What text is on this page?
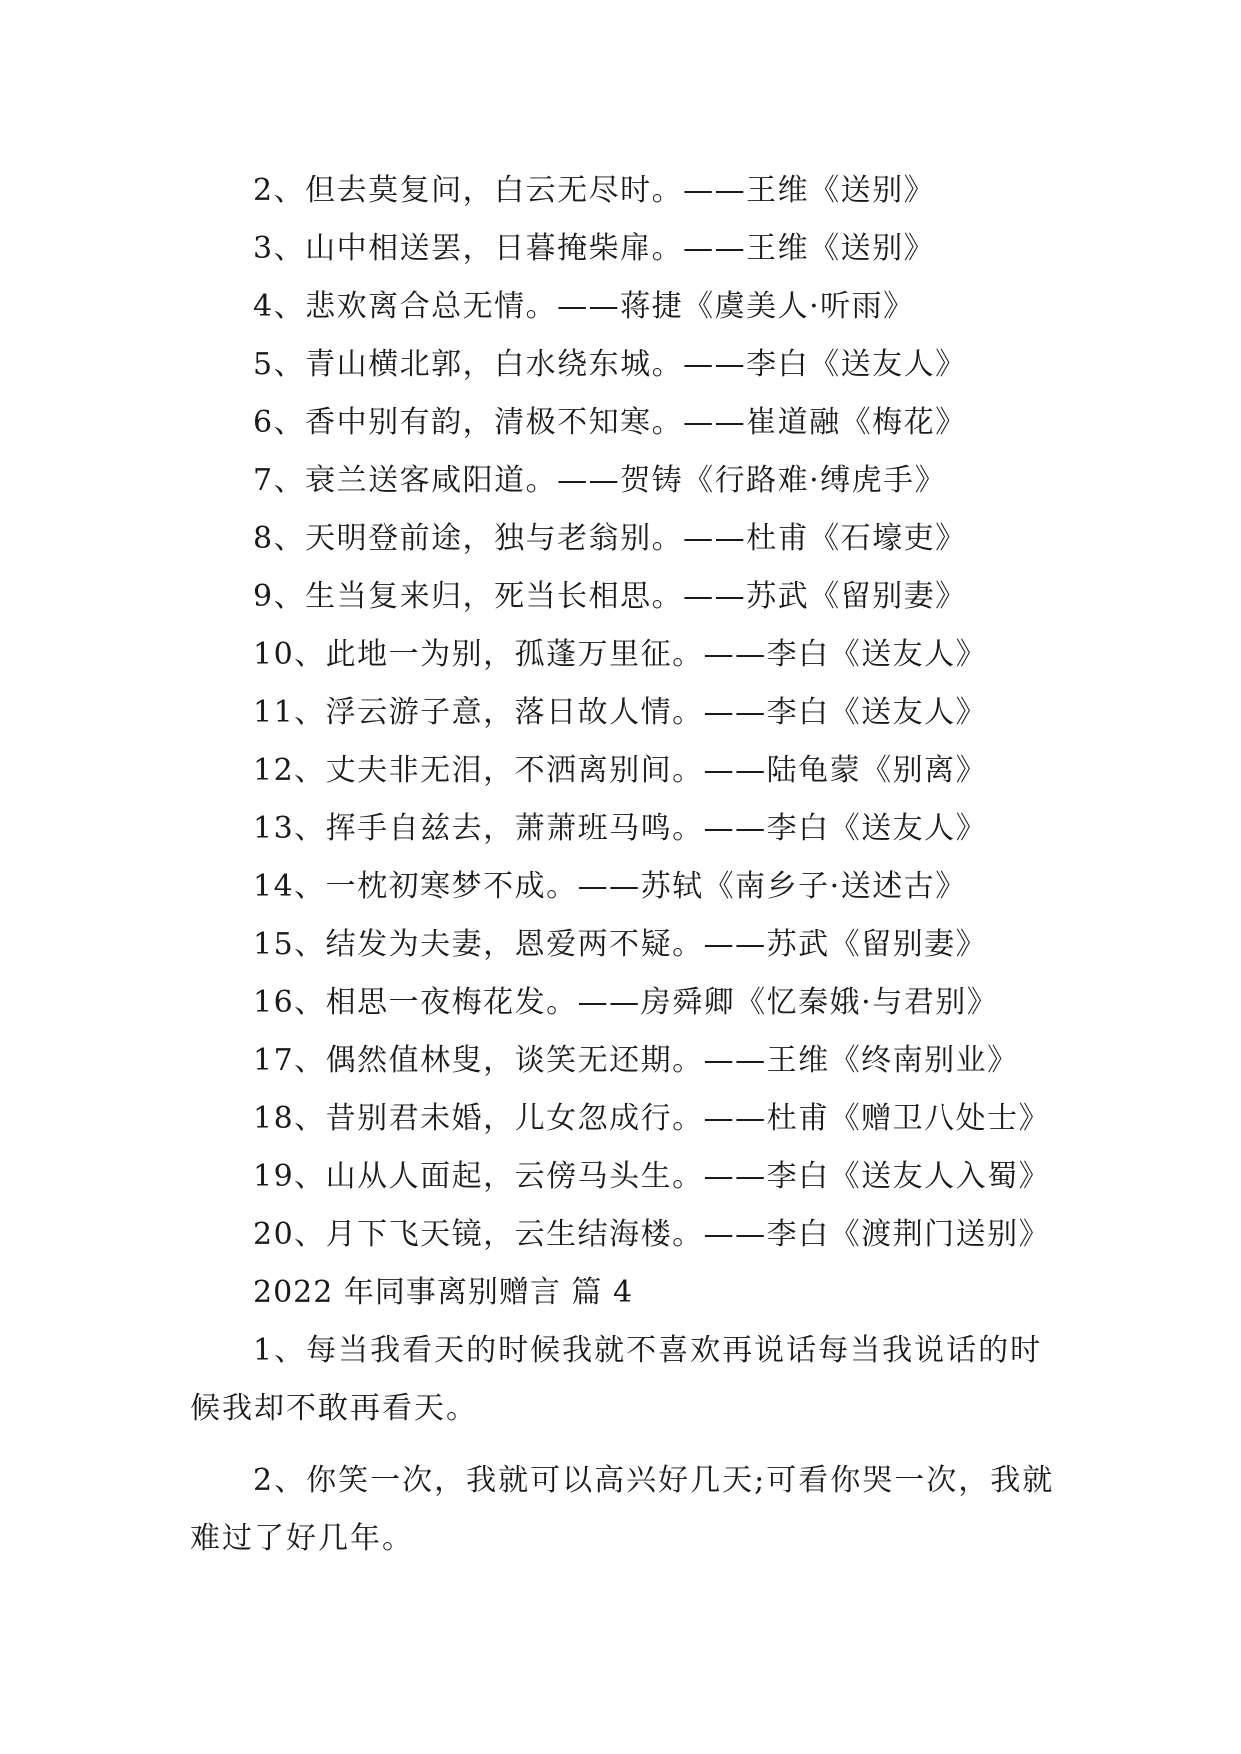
2、但去莫复问，白云无尽时。——王维《送别》
3、山中相送罢，日暮掩柴扉。——王维《送别》
4、悲欢离合总无情。——蒋捷《虞美人·听雨》
5、青山横北郭，白水绕东城。——李白《送友人》
6、香中别有韵，清极不知寒。——崔道融《梅花》
7、衰兰送客咸阳道。——贺铸《行路难·缚虎手》
8、天明登前途，独与老翁别。——杜甫《石壕吏》
9、生当复来归，死当长相思。——苏武《留别妻》
10、此地一为别，孤蓬万里征。——李白《送友人》
11、浮云游子意，落日故人情。——李白《送友人》
12、丈夫非无泪，不洒离别间。——陆龟蒙《别离》
13、挥手自兹去，萧萧班马鸣。——李白《送友人》
14、一枕初寒梦不成。——苏轼《南乡子·送述古》
15、结发为夫妻，恩爱两不疑。——苏武《留别妻》
16、相思一夜梅花发。——房舜卿《忆秦娥·与君别》
17、偶然值林叟，谈笑无还期。——王维《终南别业》
18、昔别君未婚，儿女忽成行。——杜甫《赠卫八处士》
19、山从人面起，云傍马头生。——李白《送友人入蜀》
20、月下飞天镜，云生结海楼。——李白《渡荆门送别》
2022 年同事离别赠言 篇 4
1、每当我看天的时候我就不喜欢再说话每当我说话的时候我却不敢再看天。
2、你笑一次，我就可以高兴好几天;可看你哭一次，我就难过了好几年。
